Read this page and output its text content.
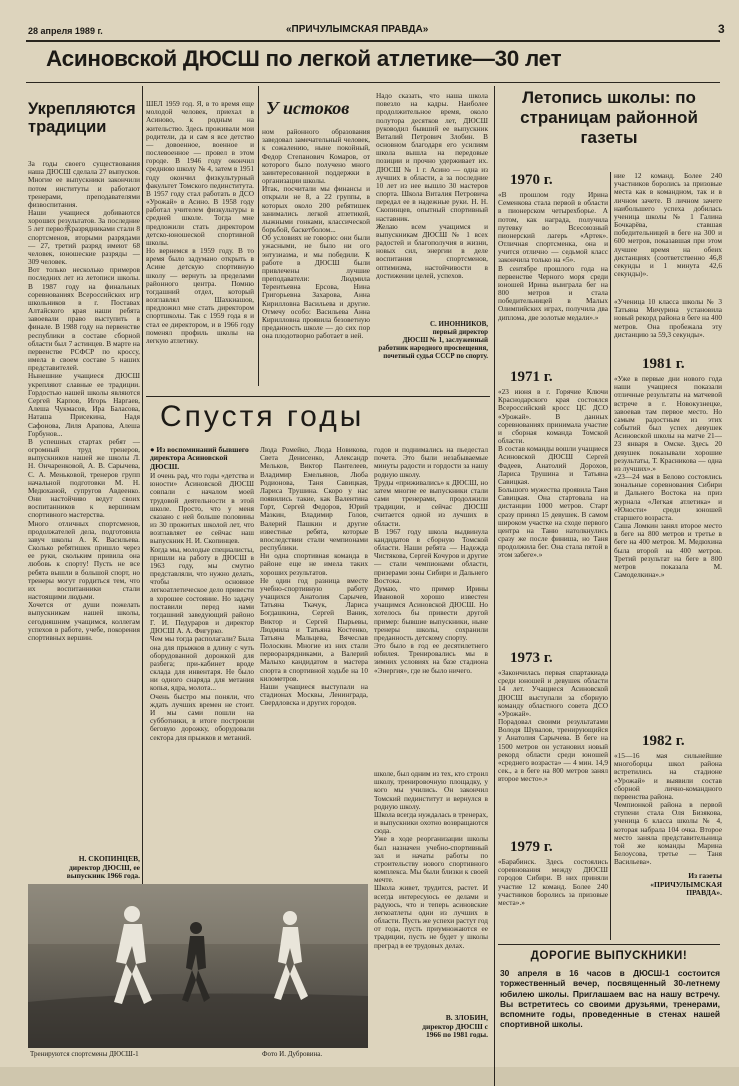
28 апреля 1989 г.	«ПРИЧУЛЫМСКАЯ ПРАВДА»	3
Асиновской ДЮСШ по легкой атлетике—30 лет
Укрепляются традиции
За годы своего существования наша ДЮСШ сделала 27 выпусков. Многие ее выпускники закончили потом институты и работают тренерами, преподавателями физвоспитания.
Наши учащиеся добиваются хороших результатов. За последние 5 лет перво承разрядниками стали 8 спортсменов, вторыми разрядами — 27, третий разряд имеют 68 человек, юношеские разряды — 309 человек.
Вот только несколько примеров последних лет из летописи школы. В 1987 году на финальных соревнованиях Всероссийских игр школьников в г. Поставах Алтайского края наши ребята завоевали право выступить в финале. В 1988 году на первенстве республики в составе сборной области был 7 астинцев. В марте на первенстве РСФСР по кроссу, имела в своем составе 5 наших представителей.
Нынешние учащиеся ДЮСШ укрепляют славные ее традиции. Гордостью нашей школы являются Сергей Карпов, Игорь Наргаев, Алеша Чукмасов, Ира Баласова, Наташа Присекина, Надя Сафонова, Лиля Арапова, Алеша Горбунов...
В успешных стартах ребят — огромный труд тренеров, выпускников нашей же школы Л. Н. Ончаренковой, А. В. Сарычева, С. А. Меньковой, тренеров групп начальной подготовки М. Н. Медюханой, супругов Авдеенко. Они настойчиво ведут своих воспитанников к вершинам спортивного мастерства.
Много отличных спортсменов, продолжателей дела, подготовила завуч школы А. К. Васильева. Сколько ребятишек пришло через ее руки, скольким привила она любовь к спорту! Пусть не все ребята вышли в большой спорт, но тренеры могут гордиться тем, что их воспитанники стали настоящими людьми.
Хочется от души пожелать выпускникам нашей школы, сегодняшним учащимся, коллегам успехов в работе, учебе, покорения спортивных вершин.
Н. СКОПИНЦЕВ,
директор ДЮСШ, ее
выпускник 1966 года.
ШЕЛ 1959 год. Я, в то время еще молодой человек, приехал в Асиново, к родным на жительство. Здесь проживали мои родители, да и сам я все детство — довоенное, военное и послевоенное — провел в этом городе. В 1946 году окончил среднюю школу № 4, затем в 1951 году окончил физкультурный факультет Томского пединститута. В 1957 году стал работать в ДСО «Урожай» в Асино. В 1958 году работал учителем физкультуры в средней школе. Тогда мне предложили стать директором детско-юношеской спортивной школы.
Но вернемся в 1959 году. В то время было задумано открыть в Асине детскую спортивную школу — вернуть за пределами районного центра. Помню тогдашний отдел, который возглавлял Шахкиашов, предложил мне стать директором спортшколы. Так с 1959 года я и стал ее директором, и в 1966 году поменял профиль школы на легкую атлетику.
У истоков
ном районного образования заведовал замечательный человек, к сожалению, ныне покойный, Федор Степанович Комаров, от которого было получено много заинтересованной поддержки в организации школы.
Итак, посчитали мы финансы и открыли не 8, а 22 группы, в которых около 200 ребятишек занимались легкой атлетикой, лыжными гонками, классической борьбой, баскетболом...
Об условиях не говорю: они были ужасными, не было ни ого энтузиазма, и мы победили. К работе в ДЮСШ были привлечены лучшие преподаватели: Людмила Терентьевна Ерсова, Нина Григорьевна Захарова, Анна Кирилловна Васильева и другие. Отмечу особо: Васильева Анна Кирилловна проявила безоветную преданность школе — до сих пор она плодотворно работает в ней.
Надо сказать, что наша школа повезло на кадры. Наиболее продолжительное время, около полутора десятков лет, ДЮСШ руководил бывший ее выпускник Виталий Петрович Злобин. В основном благодаря его усилиям школа вышла на передовые позиции и прочно удерживает их. ДЮСШ № 1 г. Асино — одна из лучших в области, а за последние 10 лет из нее вышло 30 мастеров спорта. Школа Виталия Петровича передал ее в надежные руки. Н. Н. Скопинцев, опытный спортивный наставник.
Желаю всем учащимся и выпускникам ДЮСШ № 1 всех радостей и благополучия в жизни, новых сил, энергии в деле воспитания спортсменов, оптимизма, настойчивости в достижении целей, успехов.
С. ИНОННИКОВ,
первый директор
ДЮСШ № 1, заслуженный работник народного просвещения, почетный судья СССР по спорту.
Спустя годы
● Из воспоминаний бывшего директора Асиновской ДЮСШ.
И очень рад, что годы «детства и юности» Асиновской ДЮСШ совпали с началом моей трудовой деятельности в этой школе. Просто, что у меня сказано с ней больше половины из 30 прожитых школой лет, что возглавляет ее сейчас наш выпускник Н. И. Скопинцев.
Когда мы, молодые специалисты, пришли на работу в ДЮСШ в 1963 году, мы смутно представляли, что нужно делать, чтобы основное легкоатлетическое дело привести в хорошее состояние. Но задачу поставили перед нами тогдашний заведующий районо Г. И. Педураров и директор ДЮСШ А. А. Фигурко.
Чем мы тогда располагали? Была она для прыжков в длину с чуть оборудованной дорожкой для разбега; при-кабинет вроде склада для инвентаря. Не было ни одного снаряда для метания копья, ядра, молота...
Очень быстро мы поняли, что ждать лучших времен не стоит. И мы сами пошли на субботники, в итоге построили беговую дорожку, оборудовали сектора для прыжков и метаний.
Люда Ромейко, Люда Новикова, Света Денисенко, Александр Мельков, Виктор Пантелеев, Владимир Емельянов, Люба Родионова, Таня Савицкая, Лариса Трушина. Скоро у нас появились такие, как Валентина Горт, Сергей Федоров, Юрий Мазкин, Владимир Голов, Валерий Пашкин и другие известные ребята, которые впоследствии стали чемпионами республики.
Ни одна спортивная команда в районе еще не имела таких хороших результатов.
Не один год разница вместе учебно-спортивную работу учащихся Анатолия Сарычев, Татьяна Ткачук, Лариса Богдашкина, Сергей Ваник, Виктор и Сергей Пырьевы, Людмила и Татьяна Костенко, Татьяна Мальцева, Вячеслав Полоскин. Многие из них стали перворазрядниками, а Валерий Малыхо кандидатом в мастера спорта в спортивной ходьбе на 10 километров.
Наши учащиеся выступали на стадионах Москвы, Ленинграда, Свердловска и других городов.
годов и поднимались на пьедестал почета. Это были незабываемые минуты радости и гордости за нашу родную школу.
Труды «приживались» к ДЮСШ, но затем многие ее выпускники стали сами тренерами, продолжили традиции, и сейчас ДЮСШ считается одной из лучших в области.
В 1967 году школа выдвинула кандидатов в сборную Томской области. Наши ребята — Надежда Чистякова, Сергей Кочуров и другие — стали чемпионами области, призерами зоны Сибири и Дальнего Востока.
Думаю, что пример Ирины Ивановой хорошо известен учащимся Асиновской ДЮСШ. Но хотелось бы привести другой пример: бывшие выпускники, ныне тренеры школы, сохранили преданность детскому спорту.
Это было в год ее десятилетнего юбилея. Тренировались мы в зимних условиях на базе стадиона «Энергия», где не было ничего.
школе, был одним из тех, кто строил школу, тренировочную площадку, у кого мы учились. Он закончил Томский пединститут и вернулся в родную школу.
Школа всегда нуждалась в тренерах, и выпускники охотно возвращаются сюда.
Уже в ходе реорганизации школы был назначен учебно-спортивный зал и начаты работы по строительству нового спортивного комплекса. Мы были близки к своей мечте.
Школа живет, трудится, растет. И всегда интересуюсь ее делами и радуюсь, что и теперь асиновские легкоатлеты одни из лучших в области. Пусть же успехи растут год от года, пусть приумножаются ее традиции, пусть не будет у школы преград в ее трудовых делах.
В. ЗЛОБИН,
директор ДЮСШ с
1966 по 1981 годы.
Тренируются спортсмены ДЮСШ-1	Фото И. Дубровина.
Летопись школы: по страницам районной газеты
1970 г.
«В прошлом году Ирина Семенкова стала первой в области в пионерском четырехборье. А потом, как награда, получила путевку во Всесоюзный пионерский лагерь «Артек». Отличная спортсменка, она и учится отлично — седьмой класс закончила только на «5».
В сентябре прошлого года на первенстве Черного моря среди юношей Ирина выиграла бег на 800 метров и стала победительницей в Малых Олимпийских играх, получила два диплома, две золотые медали».»
1971 г.
«23 июня в г. Горячие Ключи Краснодарского края состоялся Всероссийский кросс ЦС ДСО «Урожай». В данных соревнованиях принимала участие и сборная команда Томской области.
В состав команды вошли учащиеся Асиновской ДЮСШ Сергей Фадеев, Анатолий Дорохов, Лариса Трушина и Татьяна Савицкая.
Большого мужества проявила Таня Савицкая. Она стартовала на дистанции 1000 метров. Старт сразу принял 15 девушек. В самом широком участке на сходе первого центра на Таню натолкнулись сразу же после финиша, но Таня продолжила бег. Она стала пятой в этом забеге».»
1973 г.
«Закончилась первая спартакиада среди юношей и девушек области 14 лет. Учащиеся Асиновской ДЮСШ выступали за сборную команду областного совета ДСО «Урожай».
Порадовал своими результатами Володя Шувалов, тренирующийся у Анатолия Сарычева. В беге на 1500 метров он установил новый рекорд области среди юношей «среднего возраста» — 4 мин. 14,9 сек., а в беге на 800 метров занял второе место».»
1979 г.
«Барабинск. Здесь состоялись соревнования между ДЮСШ городов Сибири. В них приняли участие 12 команд. Более 240 участников боролись за призовые места».»
ние 12 команд. Более 240 участников боролись за призовые места как в командном, так и в личном зачете. В личном зачете наибольшего успеха добилась ученица школы № 1 Галина Бочкарёва, ставшая победительницей в беге на 300 и 600 метров, показавшая при этом лучшее время на обеих дистанциях (соответственно 46,8 секунды и 1 минута 42,6 секунды)».
«Ученица 10 класса школы № 3 Татьяна Мичурина установила новый рекорд района в беге на 400 метров. Она пробежала эту дистанцию за 59,3 секунды».
1981 г.
«Уже в первые дни нового года наши учащиеся показали отличные результаты на матчевой встрече в г. Новокузнецке, завоевав там первое место. Но самым радостным из этих событий был успех девушек Асиновской школы на матче 21—23 января в Омске. Здесь 20 девушек показывали хорошие результаты, Т. Красникова — одна из лучших».»
«23—24 мая в Белово состоялись зональные соревнования Сибири и Дальнего Востока на приз журнала «Легкая атлетика» и «Юности» среди юношей старшего возраста.
Саша Ломкин занял второе место в беге на 800 метров и третье в беге на 400 метров. М. Медюхина была второй на 400 метров. Третий результат на беге в 800 метров показала М. Самоделкина».»
1982 г.
«15—16 мая сильнейшие многоборцы школ района встретились на стадионе «Урожай» и выявили состав сборной лично-командного первенства района.
Чемпионкой района в первой ступени стала Оля Бизякова, ученица 6 класса школы № 4, которая набрала 104 очка. Второе место заняла представительница той же команды Марина Белоусова, третье — Таня Васильева».
Из газеты
«ПРИЧУЛЫМСКАЯ
ПРАВДА».
ДОРОГИЕ ВЫПУСКНИКИ!
30 апреля в 16 часов в ДЮСШ-1 состоится торжественный вечер, посвященный 30-летнему юбилею школы. Приглашаем вас на нашу встречу. Вы встретитесь со своими друзьями, тренерами, вспомните годы, проведенные в стенах нашей спортивной школы.
